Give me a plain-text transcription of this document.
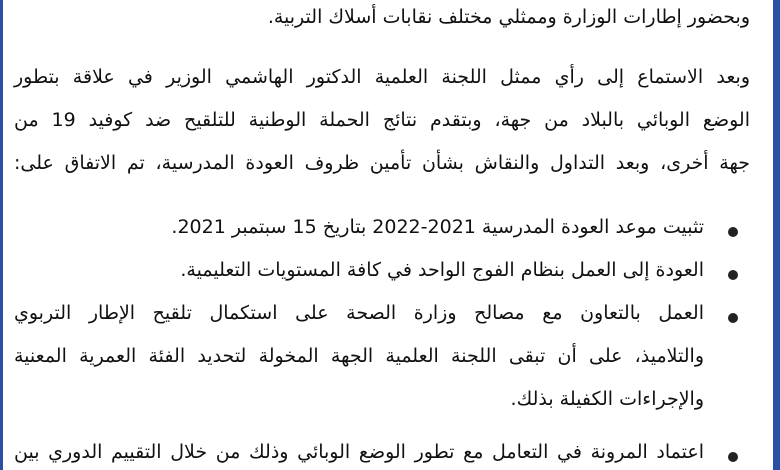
وبحضور إطارات الوزارة وممثلي مختلف نقابات أسلاك التربية.
وبعد الاستماع إلى رأي ممثل اللجنة العلمية الدكتور الهاشمي الوزير في علاقة بتطور
الوضع الوبائي بالبلاد من جهة، وبتقدم نتائج الحملة الوطنية للتلقيح ضد كوفيد 19 من
جهة أخرى، وبعد التداول والنقاش بشأن تأمين ظروف العودة المدرسية، تم الاتفاق على:
تثبيت موعد العودة المدرسية 2021-2022 بتاريخ 15 سبتمبر 2021.
العودة إلى العمل بنظام الفوج الواحد في كافة المستويات التعليمية.
العمل بالتعاون مع مصالح وزارة الصحة على استكمال تلقيح الإطار التربوي
والتلاميذ، على أن تبقى اللجنة العلمية الجهة المخولة لتحديد الفئة العمرية المعنية
والإجراءات الكفيلة بذلك.
اعتماد المرونة في التعامل مع تطور الوضع الوبائي وذلك من خلال التقييم الدوري بين
